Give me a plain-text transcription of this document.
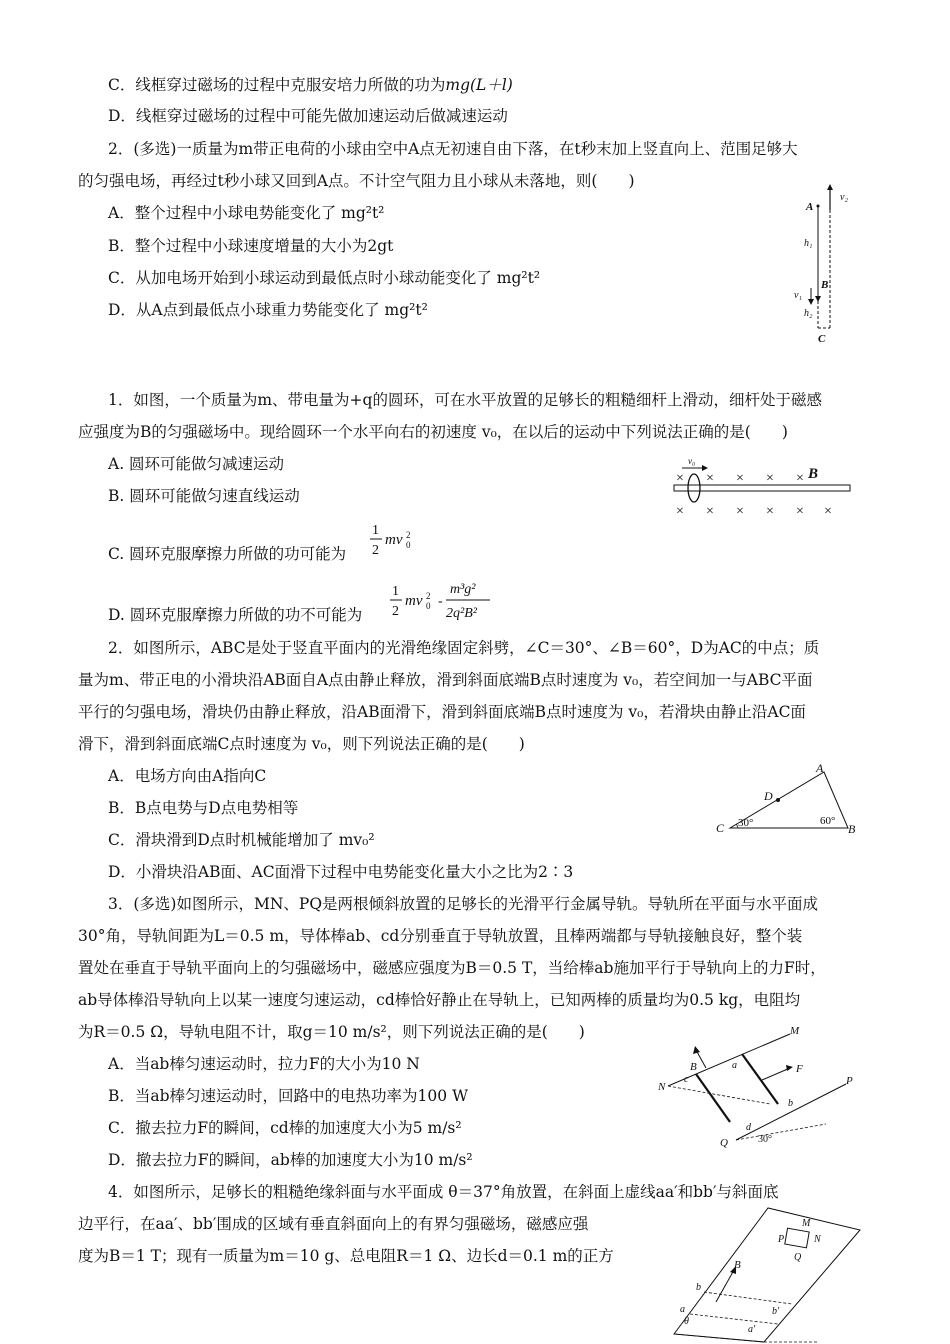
C．线框穿过磁场的过程中克服安培力所做的功为mg(L＋l)
D．线框穿过磁场的过程中可能先做加速运动后做减速运动
2．(多选)一质量为m带正电荷的小球由空中A点无初速自由下落，在t秒末加上竖直向上、范围足够大
的匀强电场，再经过t秒小球又回到A点。不计空气阻力且小球从未落地，则(　　)
A．整个过程中小球电势能变化了 mg²t²
B．整个过程中小球速度增量的大小为2gt
C．从加电场开始到小球运动到最低点时小球动能变化了 mg²t²
D．从A点到最低点小球重力势能变化了 mg²t²
v₂
A
h₁
B
v₁
h₂
C
1．如图，一个质量为m、带电量为+q的圆环，可在水平放置的足够长的粗糙细杆上滑动，细杆处于磁感
应强度为B的匀强磁场中。现给圆环一个水平向右的初速度 v₀，在以后的运动中下列说法正确的是(　　)
A. 圆环可能做匀减速运动
B. 圆环可能做匀速直线运动
C. 圆环克服摩擦力所做的功可能为
1
2
mv 2
0
D. 圆环克服摩擦力所做的功不可能为
1
2
mv 2
0 -
m³g²
2q²B²
v₀
× × × × ×
× × × × × ×
B
2．如图所示，ABC是处于竖直平面内的光滑绝缘固定斜劈，∠C＝30°、∠B＝60°，D为AC的中点；质
量为m、带正电的小滑块沿AB面自A点由静止释放，滑到斜面底端B点时速度为 v₀，若空间加一与ABC平面
平行的匀强电场，滑块仍由静止释放，沿AB面滑下，滑到斜面底端B点时速度为 v₀，若滑块由静止沿AC面
滑下，滑到斜面底端C点时速度为 v₀，则下列说法正确的是(　　)
A．电场方向由A指向C
B．B点电势与D点电势相等
C．滑块滑到D点时机械能增加了 mv₀²
D．小滑块沿AB面、AC面滑下过程中电势能变化量大小之比为2∶3
A
D
C	B
30°	60°
3．(多选)如图所示，MN、PQ是两根倾斜放置的足够长的光滑平行金属导轨。导轨所在平面与水平面成
30°角，导轨间距为L＝0.5 m，导体棒ab、cd分别垂直于导轨放置，且棒两端都与导轨接触良好，整个装
置处在垂直于导轨平面向上的匀强磁场中，磁感应强度为B＝0.5 T，当给棒ab施加平行于导轨向上的力F时，
ab导体棒沿导轨向上以某一速度匀速运动，cd棒恰好静止在导轨上，已知两棒的质量均为0.5 kg，电阻均
为R＝0.5 Ω，导轨电阻不计，取g＝10 m/s²，则下列说法正确的是(　　)
A．当ab棒匀速运动时，拉力F的大小为10 N
B．当ab棒匀速运动时，回路中的电热功率为100 W
C．撤去拉力F的瞬间，cd棒的加速度大小为5 m/s²
D．撤去拉力F的瞬间，ab棒的加速度大小为10 m/s²
M
N	P
Q
B	F
a
b
c
d
30°
4．如图所示，足够长的粗糙绝缘斜面与水平面成 θ＝37°角放置，在斜面上虚线aa′和bb′与斜面底
边平行，在aa′、bb′围成的区域有垂直斜面向上的有界匀强磁场，磁感应强
度为B＝1 T；现有一质量为m＝10 g、总电阻R＝1 Ω、边长d＝0.1 m的正方	B
M
N
P
Q
b
a	b′
a′
θ
